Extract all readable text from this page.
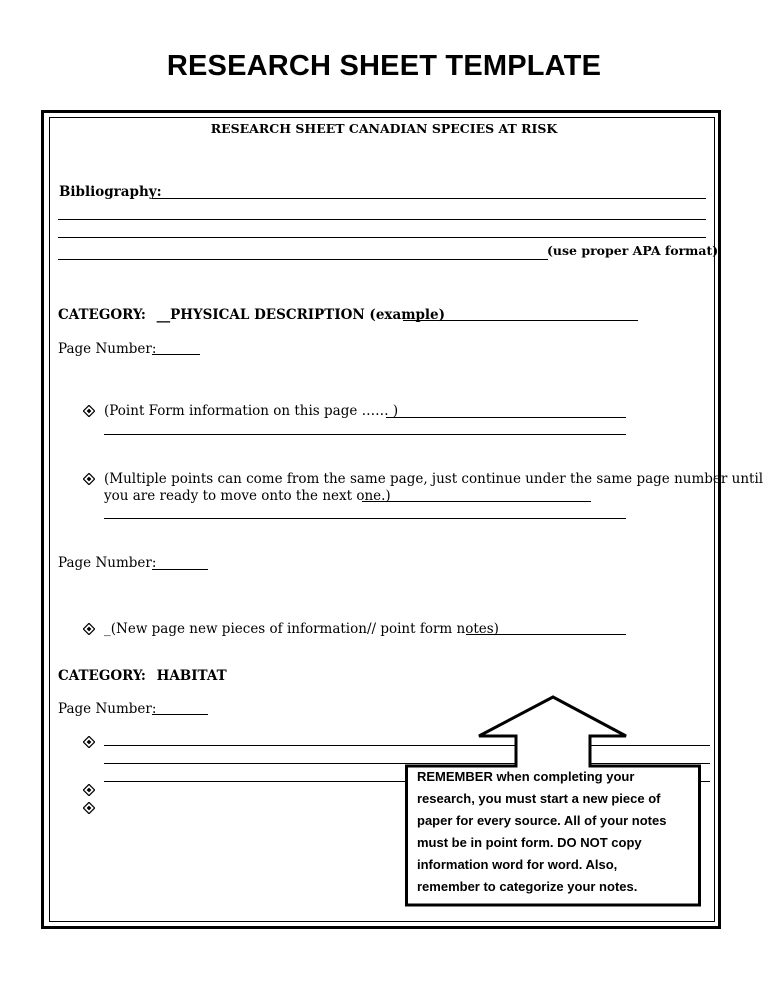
RESEARCH SHEET TEMPLATE
RESEARCH SHEET CANADIAN SPECIES AT RISK
Bibliography:
(use proper APA format)
CATEGORY: __PHYSICAL DESCRIPTION (example)
Page Number:
(Point Form information on this page …… )
(Multiple points can come from the same page, just continue under the same page number until
you are ready to move onto the next one.)
Page Number:
_(New page new pieces of information// point form notes)
CATEGORY: HABITAT
Page Number:
REMEMBER when completing your
research, you must start a new piece of
paper for every source. All of your notes
must be in point form. DO NOT copy
information word for word. Also,
remember to categorize your notes.
